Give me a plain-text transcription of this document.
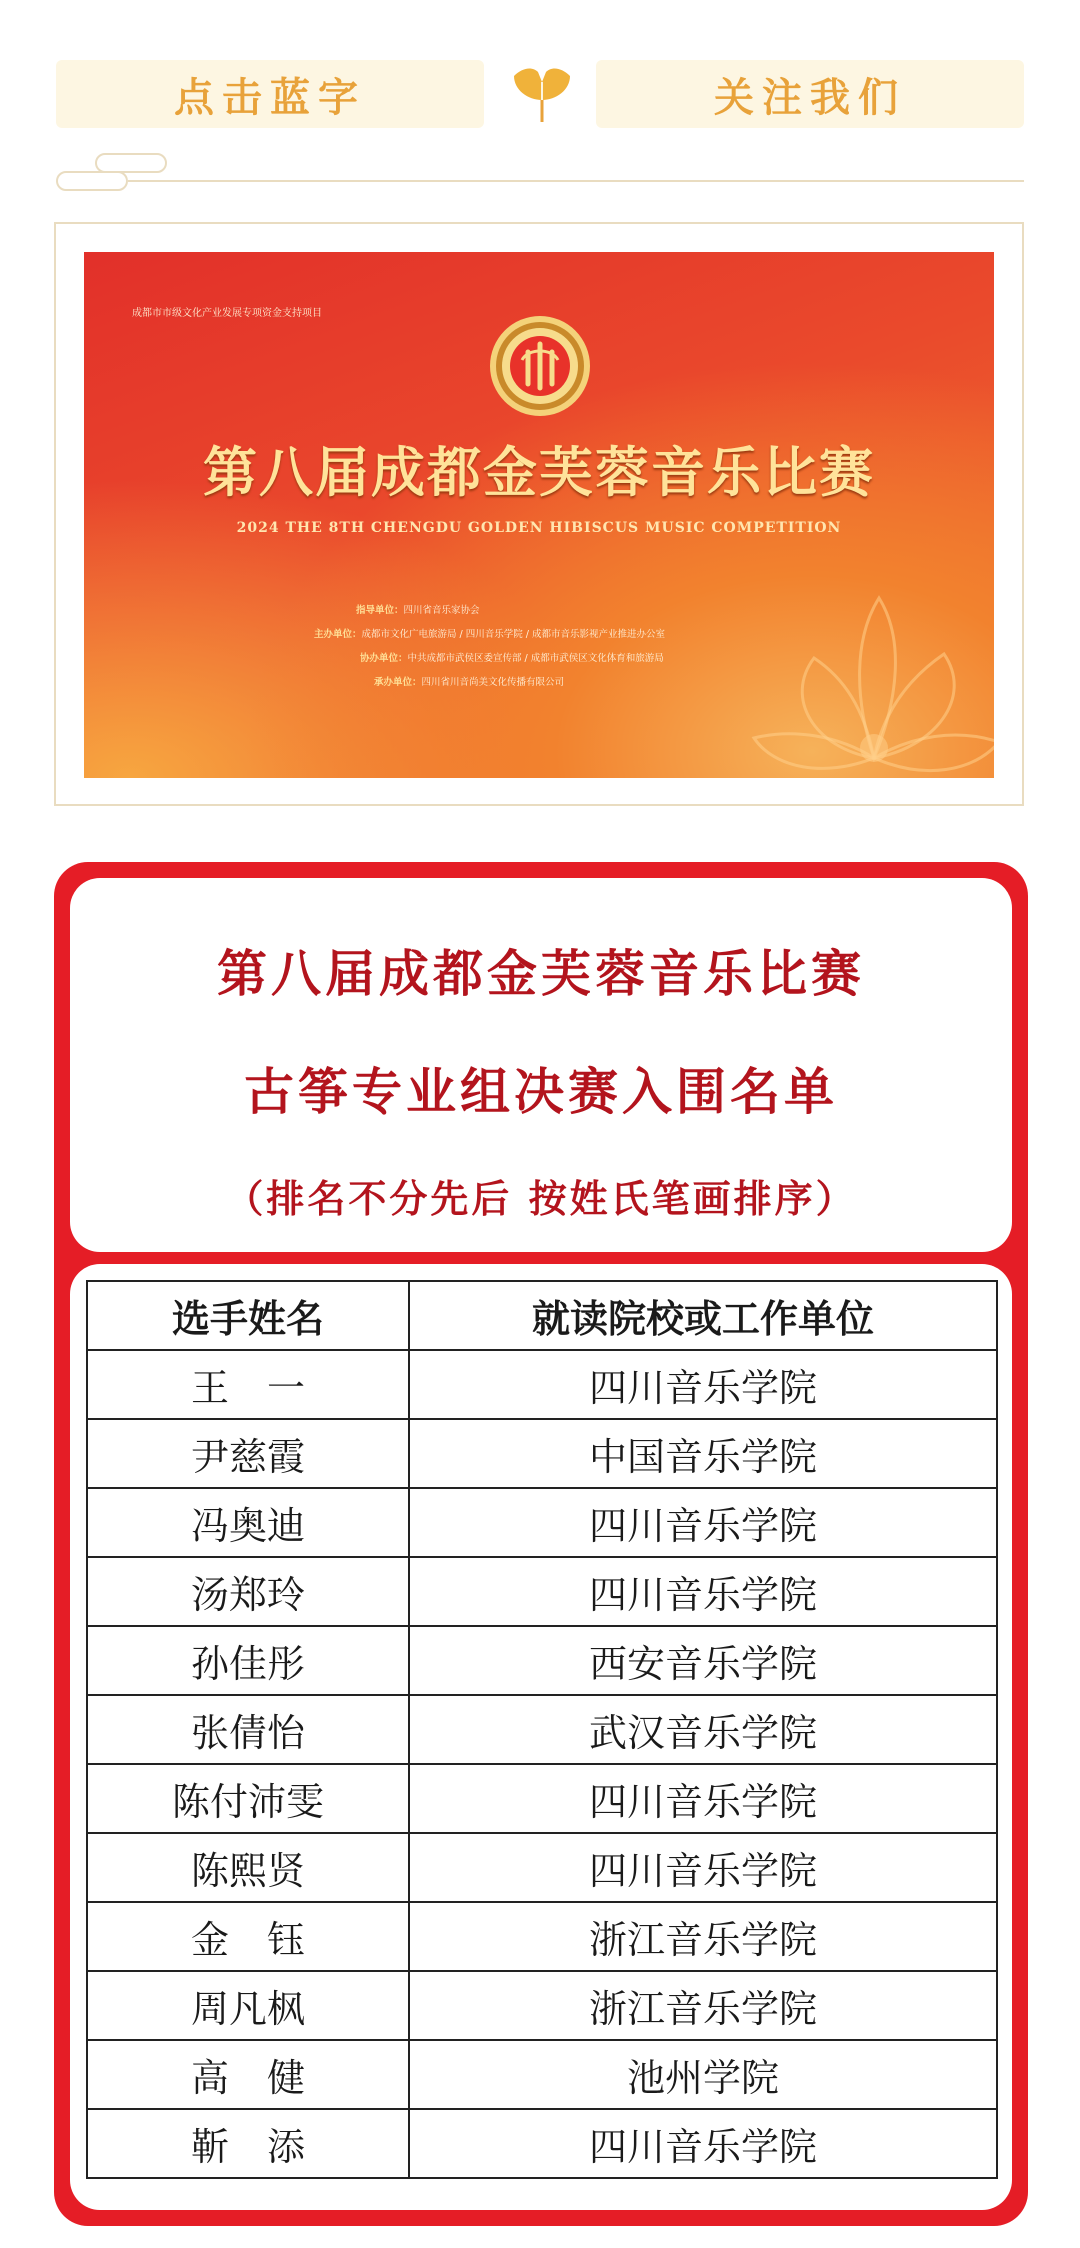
点击蓝字	关注我们
成都市市级文化产业发展专项资金支持项目
第八届成都金芙蓉音乐比赛
2024 THE 8TH CHENGDU GOLDEN HIBISCUS MUSIC COMPETITION
指导单位：四川省音乐家协会
主办单位：成都市文化广电旅游局 / 四川音乐学院 / 成都市音乐影视产业推进办公室
协办单位：中共成都市武侯区委宣传部 / 成都市武侯区文化体育和旅游局
承办单位：四川省川音尚美文化传播有限公司
第八届成都金芙蓉音乐比赛
古筝专业组决赛入围名单
（排名不分先后 按姓氏笔画排序）
选手姓名	就读院校或工作单位
王　一	四川音乐学院
尹慈霞	中国音乐学院
冯奥迪	四川音乐学院
汤郑玲	四川音乐学院
孙佳彤	西安音乐学院
张倩怡	武汉音乐学院
陈付沛雯	四川音乐学院
陈熙贤	四川音乐学院
金　钰	浙江音乐学院
周凡枫	浙江音乐学院
高　健	池州学院
靳　添	四川音乐学院
